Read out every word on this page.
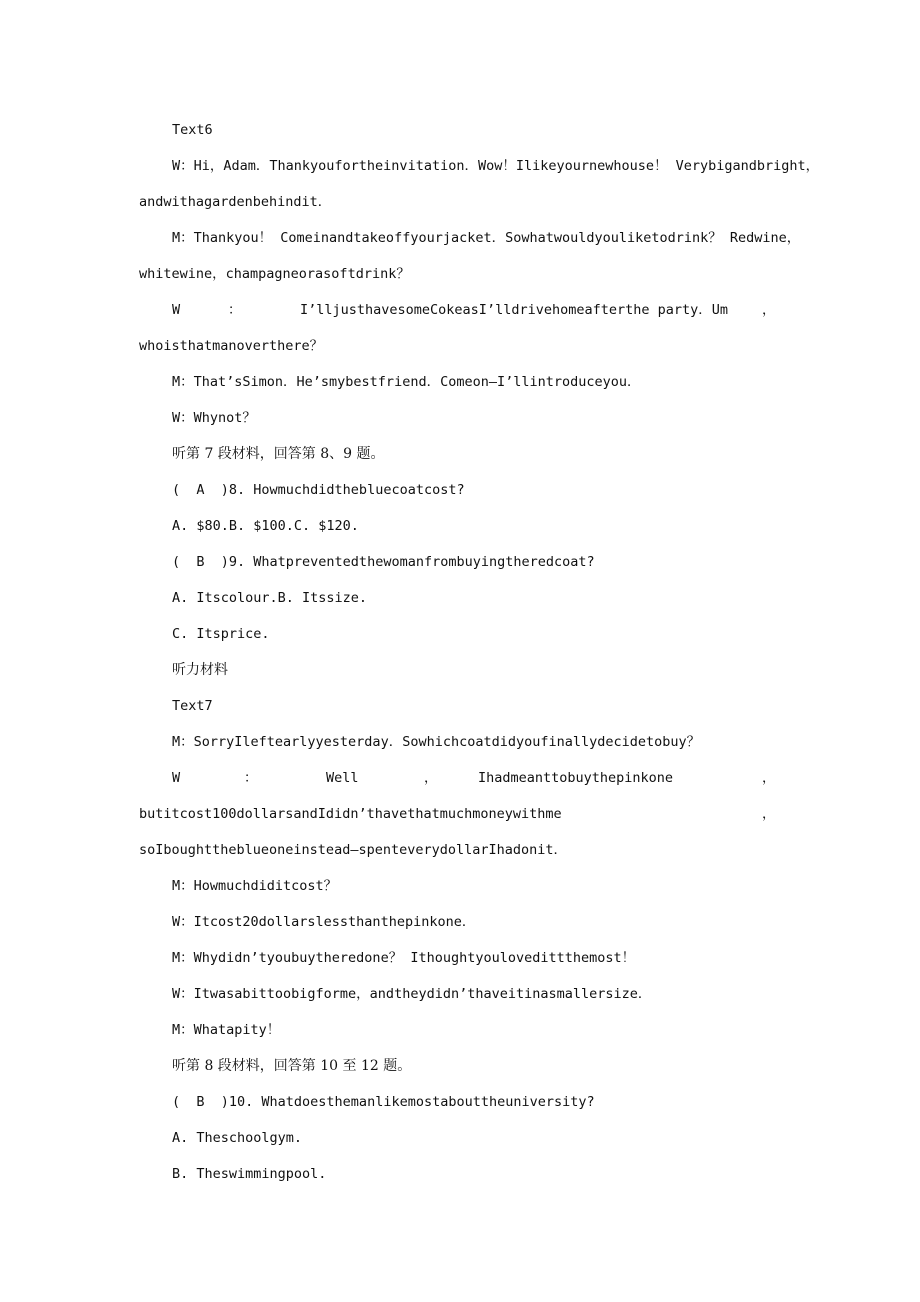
Text6

W：Hi，Adam．Thankyoufortheinvitation．Wow！Ilikeyournewhouse！ Verybigandbright，

andwithagardenbehindit．

M：Thankyou！ Comeinandtakeoffyourjacket．Sowhatwouldyouliketodrink？ Redwine，

whitewine，champagneorasoftdrink？

W

	：

	I’lljusthavesomeCokeasI’lldrivehomeafterthe party．Um

	，

whoisthatmanoverthere？

M：That’sSimon．He’smybestfriend．Comeon—I’llintroduceyou．

W：Whynot？

听第 7 段材料，回答第 8、9 题。

(  A  )8. Howmuchdidthebluecoatcost?

A. $80.B. $100.C. $120.

(  B  )9. Whatpreventedthewomanfrombuyingtheredcoat?

A. Itscolour.B. Itssize.

C. Itsprice.

听力材料

Text7

M：SorryIleftearlyyesterday．Sowhichcoatdidyoufinallydecidetobuy？

W

	：

	Well

	，

	Ihadmeanttobuythepinkone

	，

butitcost100dollarsandIdidn’thavethatmuchmoneywithme

	，

soIboughttheblueoneinstead—spenteverydollarIhadonit．

M：Howmuchdiditcost？

W：Itcost20dollarslessthanthepinkone．

M：Whydidn’tyoubuytheredone？ Ithoughtyoulovedittthemost！

W：Itwasabittoobigforme，andtheydidn’thaveitinasmallersize．

M：Whatapity！

听第 8 段材料，回答第 10 至 12 题。

(  B  )10. Whatdoesthemanlikemostabouttheuniversity?

A. Theschoolgym.

B. Theswimmingpool.
